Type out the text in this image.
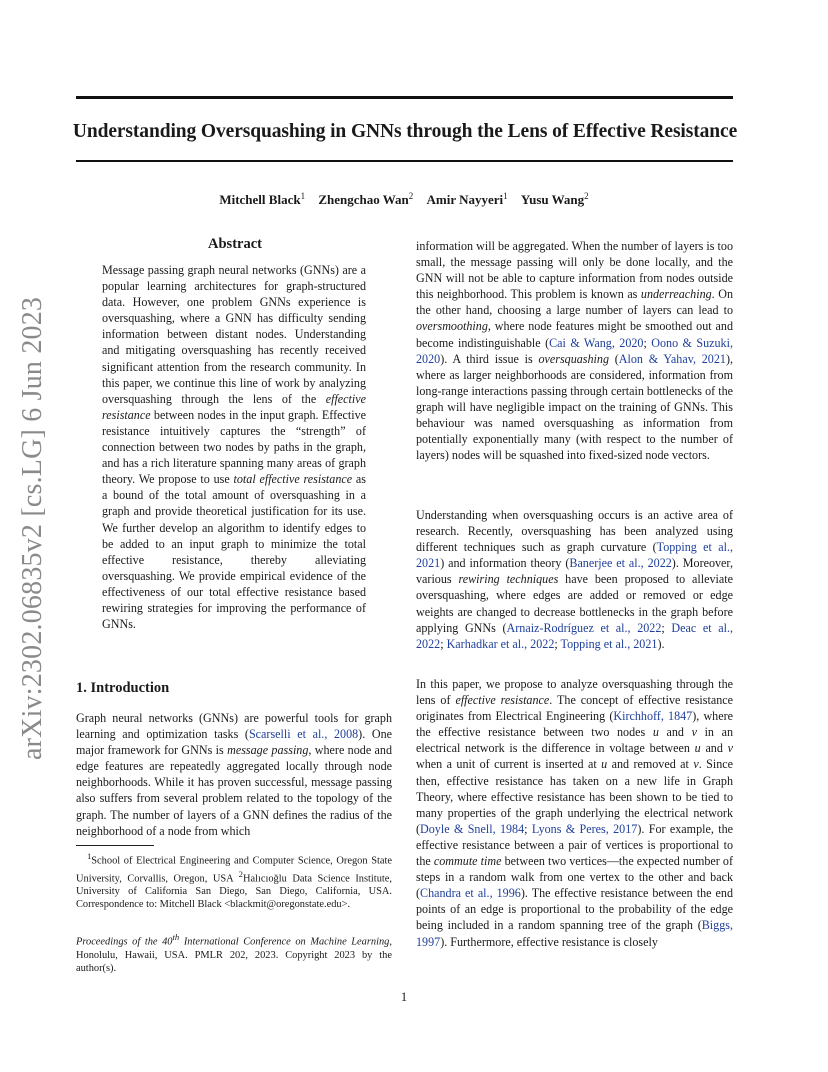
Understanding Oversquashing in GNNs through the Lens of Effective Resistance
Mitchell Black$^1$ Zhengchao Wan$^2$ Amir Nayyeri$^1$ Yusu Wang$^2$
arXiv:2302.06835v2 [cs.LG] 6 Jun 2023
Abstract

Message passing graph neural networks (GNNs) are a popular learning architectures for graph-structured data. However, one problem GNNs experience is oversquashing, where a GNN has difficulty sending information between distant nodes. Understanding and mitigating oversquashing has recently received significant attention from the research community. In this paper, we continue this line of work by analyzing oversquashing through the lens of the effective resistance between nodes in the input graph. Effective resistance intuitively captures the “strength” of connection between two nodes by paths in the graph, and has a rich literature spanning many areas of graph theory. We propose to use total effective resistance as a bound of the total amount of oversquashing in a graph and provide theoretical justification for its use. We further develop an algorithm to identify edges to be added to an input graph to minimize the total effective resistance, thereby alleviating oversquashing. We provide empirical evidence of the effectiveness of our total effective resistance based rewiring strategies for improving the performance of GNNs.

1. Introduction

Graph neural networks (GNNs) are powerful tools for graph learning and optimization tasks (Scarselli et al., 2008). One major framework for GNNs is message passing, where node and edge features are repeatedly aggregated locally through node neighborhoods. While it has proven successful, message passing also suffers from several problem related to the topology of the graph. The number of layers of a GNN defines the radius of the neighborhood of a node from which

$^1$School of Electrical Engineering and Computer Science, Oregon State University, Corvallis, Oregon, USA $^2$Halıcıoğlu Data Science Institute, University of California San Diego, San Diego, California, USA. Correspondence to: Mitchell Black <blackmit@oregonstate.edu>.

Proceedings of the 40th International Conference on Machine Learning, Honolulu, Hawaii, USA. PMLR 202, 2023. Copyright 2023 by the author(s).

information will be aggregated. When the number of layers is too small, the message passing will only be done locally, and the GNN will not be able to capture information from nodes outside this neighborhood. This problem is known as underreaching. On the other hand, choosing a large number of layers can lead to oversmoothing, where node features might be smoothed out and become indistinguishable (Cai & Wang, 2020; Oono & Suzuki, 2020). A third issue is oversquashing (Alon & Yahav, 2021), where as larger neighborhoods are considered, information from long-range interactions passing through certain bottlenecks of the graph will have negligible impact on the training of GNNs. This behaviour was named oversquashing as information from potentially exponentially many (with respect to the number of layers) nodes will be squashed into fixed-sized node vectors.

Understanding when oversquashing occurs is an active area of research. Recently, oversquashing has been analyzed using different techniques such as graph curvature (Topping et al., 2021) and information theory (Banerjee et al., 2022). Moreover, various rewiring techniques have been proposed to alleviate oversquashing, where edges are added or removed or edge weights are changed to decrease bottlenecks in the graph before applying GNNs (Arnaiz-Rodríguez et al., 2022; Deac et al., 2022; Karhadkar et al., 2022; Topping et al., 2021).

In this paper, we propose to analyze oversquashing through the lens of effective resistance. The concept of effective resistance originates from Electrical Engineering (Kirchhoff, 1847), where the effective resistance between two nodes u and v in an electrical network is the difference in voltage between u and v when a unit of current is inserted at u and removed at v. Since then, effective resistance has taken on a new life in Graph Theory, where effective resistance has been shown to be tied to many properties of the graph underlying the electrical network (Doyle & Snell, 1984; Lyons & Peres, 2017). For example, the effective resistance between a pair of vertices is proportional to the commute time between two vertices—the expected number of steps in a random walk from one vertex to the other and back (Chandra et al., 1996). The effective resistance between the end points of an edge is proportional to the probability of the edge being included in a random spanning tree of the graph (Biggs, 1997). Furthermore, effective resistance is closely

1
